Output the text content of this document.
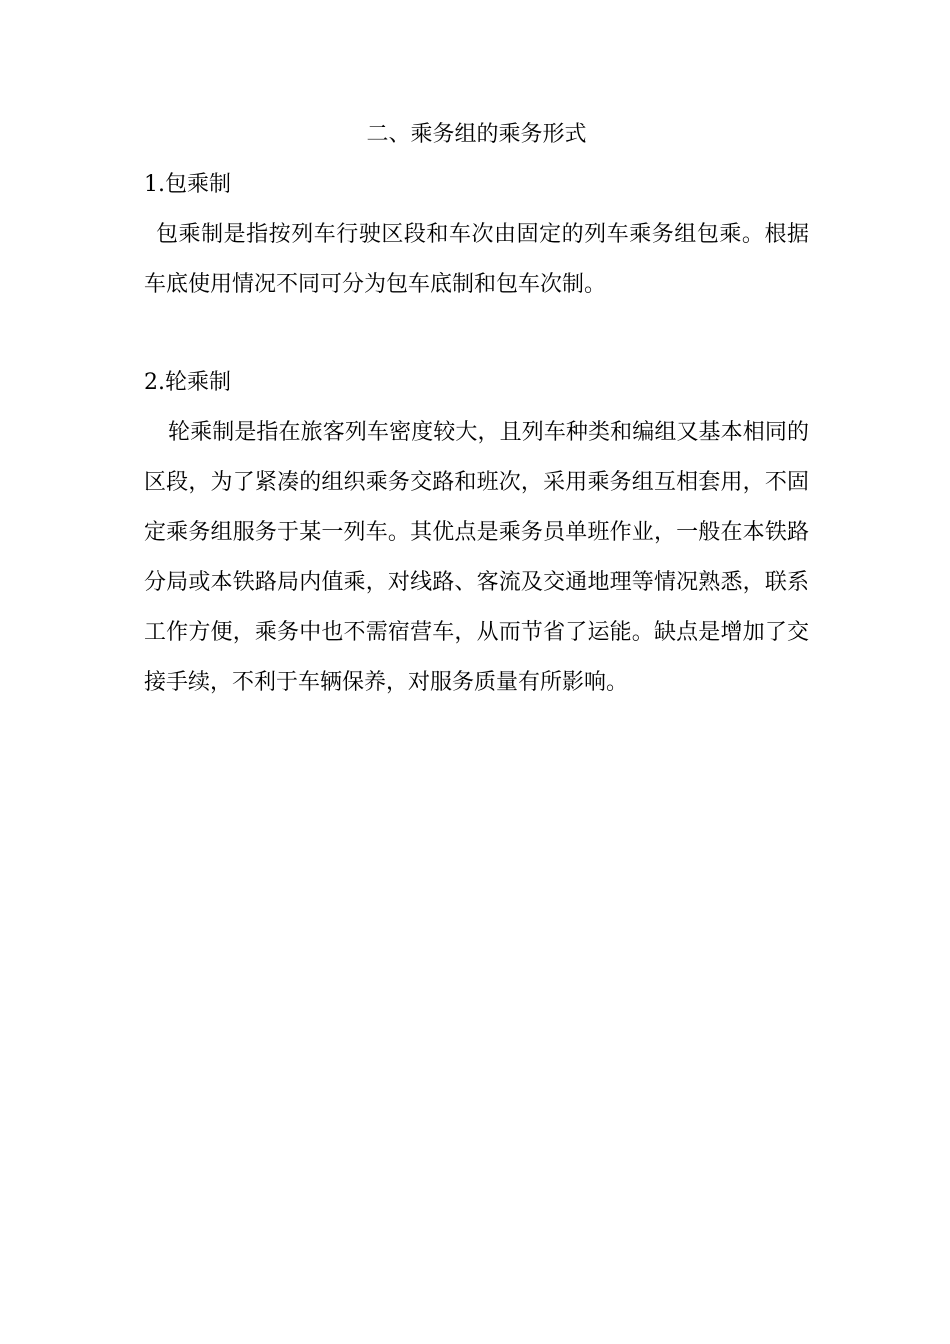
二、乘务组的乘务形式

1.包乘制

包乘制是指按列车行驶区段和车次由固定的列车乘务组包乘。根据车底使用情况不同可分为包车底制和包车次制。

2.轮乘制

轮乘制是指在旅客列车密度较大，且列车种类和编组又基本相同的区段，为了紧凑的组织乘务交路和班次，采用乘务组互相套用，不固定乘务组服务于某一列车。其优点是乘务员单班作业，一般在本铁路分局或本铁路局内值乘，对线路、客流及交通地理等情况熟悉，联系工作方便，乘务中也不需宿营车，从而节省了运能。缺点是增加了交接手续，不利于车辆保养，对服务质量有所影响。
